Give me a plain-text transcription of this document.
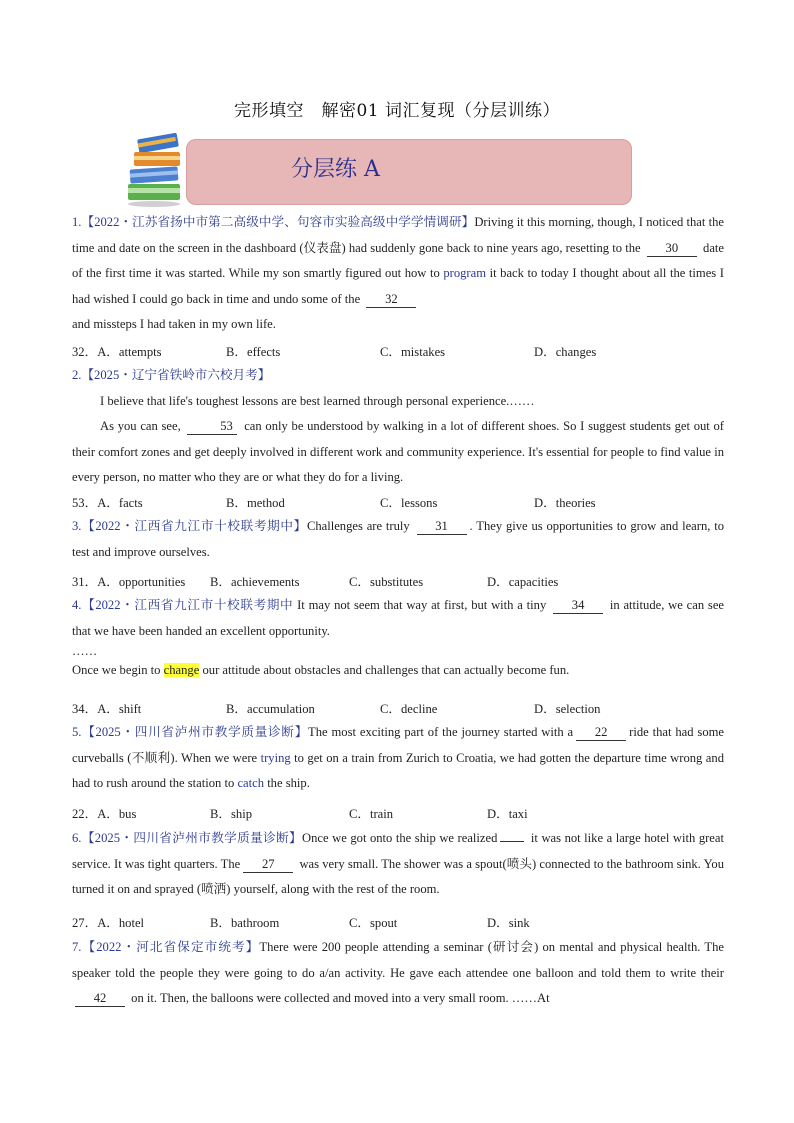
完形填空　解密01 词汇复现（分层训练）
分层练 A
1.【2022・江苏省扬中市第二高级中学、句容市实验高级中学学情调研】Driving it this morning, though, I noticed that the time and date on the screen in the dashboard (仪表盘) had suddenly gone back to nine years ago, resetting to the 30 date of the first time it was started. While my son smartly figured out how to program it back to today I thought about all the times I had wished I could go back in time and undo some of the 32
and missteps I had taken in my own life.
32．A．attempts	B．effects	C．mistakes	D．changes
2.【2025・辽宁省铁岭市六校月考】
I believe that life's toughest lessons are best learned through personal experience.……
As you can see,	53 can only be understood by walking in a lot of different shoes. So I suggest students get out of their comfort zones and get deeply involved in different work and community experience. It's essential for people to find value in every person, no matter who they are or what they do for a living.
53．A．facts	B．method	C．lessons	D．theories
3.【2022・江西省九江市十校联考期中】Challenges are truly 31 . They give us opportunities to grow and learn, to test and improve ourselves.
31．A．opportunities B．achievements	C．substitutes	D．capacities
4.【2022・江西省九江市十校联考期中 It may not seem that way at first, but with a tiny 34 in attitude, we can see that we have been handed an excellent opportunity.
……
Once we begin to change our attitude about obstacles and challenges that can actually become fun.
34．A．shift	B．accumulation	C．decline	D．selection
5.【2025・四川省泸州市教学质量诊断】The most exciting part of the journey started with a 22 ride that had some curveballs (不顺利). When we were trying to get on a train from Zurich to Croatia, we had gotten the departure time wrong and had to rush around the station to catch the ship.
22．A．bus	B．ship	C．train	D．taxi
6.【2025・四川省泸州市教学质量诊断】Once we got onto the ship we realized	it was not like a large hotel with great service. It was tight quarters. The 27 was very small. The shower was a spout(喷头) connected to the bathroom sink. You turned it on and sprayed (喷洒) yourself, along with the rest of the room.
27．A．hotel	B．bathroom	C．spout	D．sink
7.【2022・河北省保定市统考】There were 200 people attending a seminar (研讨会) on mental and physical health. The speaker told the people they were going to do a/an activity. He gave each attendee one balloon and told them to write their 42 on it. Then, the balloons were collected and moved into a very small room. ……At
